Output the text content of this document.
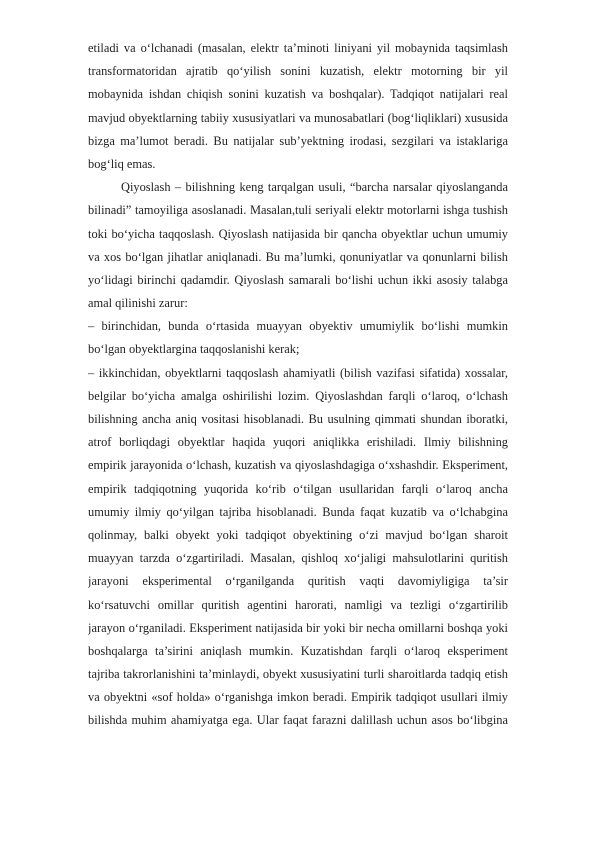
etiladi va o‘lchanadi (masalan, elektr ta’minoti liniyani yil mobaynida taqsimlash
transformatoridan ajratib qo‘yilish sonini kuzatish, elektr motorning bir yil
mobaynida ishdan chiqish sonini kuzatish va boshqalar). Tadqiqot natijalari real
mavjud obyektlarning tabiiy xususiyatlari va munosabatlari (bog‘liqliklari) xususida
bizga ma’lumot beradi. Bu natijalar sub’yektning irodasi, sezgilari va istaklariga
bog‘liq emas.
Qiyoslash – bilishning keng tarqalgan usuli, “barcha narsalar qiyoslanganda
bilinadi” tamoyiliga asoslanadi. Masalan,tuli seriyali elektr motorlarni ishga tushish
toki bo‘yicha taqqoslash. Qiyoslash natijasida bir qancha obyektlar uchun umumiy
va xos bo‘lgan jihatlar aniqlanadi. Bu ma’lumki, qonuniyatlar va qonunlarni bilish
yo‘lidagi birinchi qadamdir. Qiyoslash samarali bo‘lishi uchun ikki asosiy talabga
amal qilinishi zarur:
– birinchidan, bunda o‘rtasida muayyan obyektiv umumiylik bo‘lishi mumkin
bo‘lgan obyektlargina taqqoslanishi kerak;
– ikkinchidan, obyektlarni taqqoslash ahamiyatli (bilish vazifasi sifatida) xossalar,
belgilar bo‘yicha amalga oshirilishi lozim. Qiyoslashdan farqli o‘laroq, o‘lchash
bilishning ancha aniq vositasi hisoblanadi. Bu usulning qimmati shundan iboratki,
atrof borliqdagi obyektlar haqida yuqori aniqlikka erishiladi. Ilmiy bilishning
empirik jarayonida o‘lchash, kuzatish va qiyoslashdagiga o‘xshashdir. Eksperiment,
empirik tadqiqotning yuqorida ko‘rib o‘tilgan usullaridan farqli o‘laroq ancha
umumiy ilmiy qo‘yilgan tajriba hisoblanadi. Bunda faqat kuzatib va o‘lchabgina
qolinmay, balki obyekt yoki tadqiqot obyektining o‘zi mavjud bo‘lgan sharoit
muayyan tarzda o‘zgartiriladi. Masalan, qishloq xo‘jaligi mahsulotlarini quritish
jarayoni eksperimental o‘rganilganda quritish vaqti davomiyligiga ta’sir
ko‘rsatuvchi omillar quritish agentini harorati, namligi va tezligi o‘zgartirilib
jarayon o‘rganiladi. Eksperiment natijasida bir yoki bir necha omillarni boshqa yoki
boshqalarga ta’sirini aniqlash mumkin. Kuzatishdan farqli o‘laroq eksperiment
tajriba takrorlanishini ta’minlaydi, obyekt xususiyatini turli sharoitlarda tadqiq etish
va obyektni «sof holda» o‘rganishga imkon beradi. Empirik tadqiqot usullari ilmiy
bilishda muhim ahamiyatga ega. Ular faqat farazni dalillash uchun asos bo‘libgina
